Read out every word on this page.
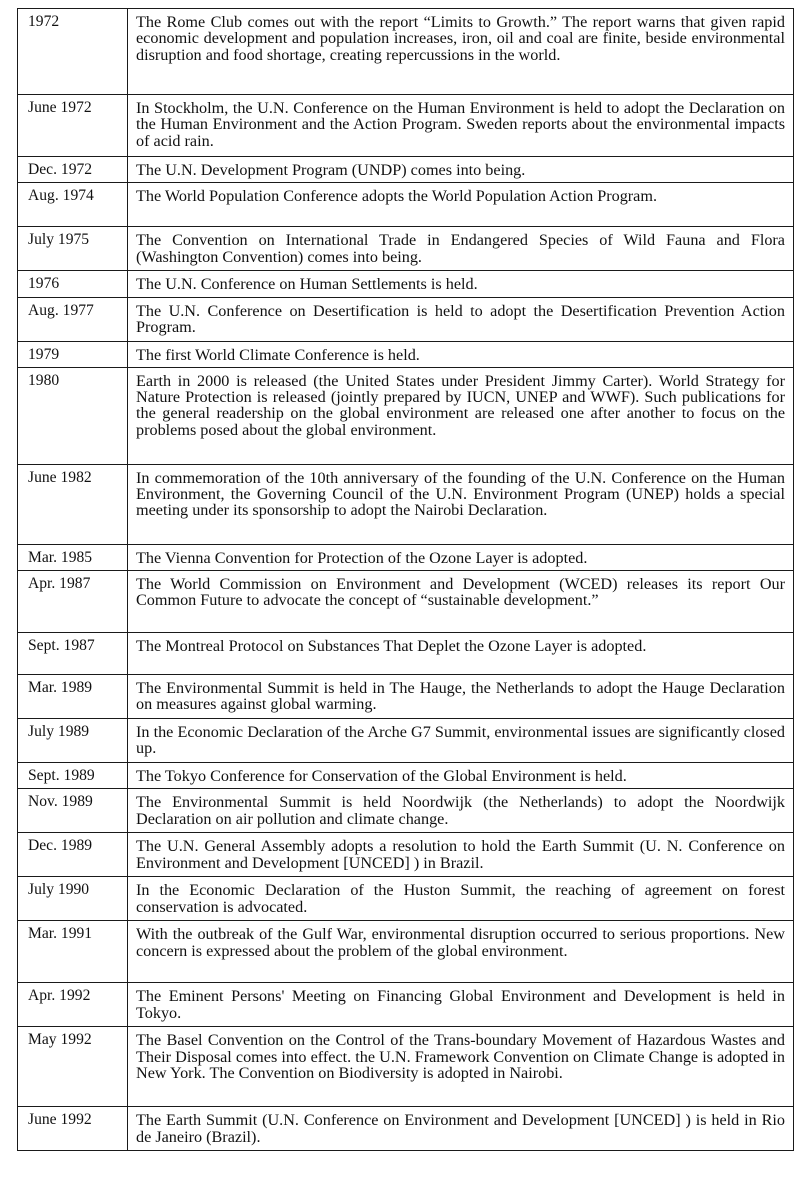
1972	The Rome Club comes out with the report “Limits to Growth.” The report warns that given rapid economic development and population increases, iron, oil and coal are finite, beside environmental disruption and food shortage, creating repercussions in the world.
June 1972	In Stockholm, the U.N. Conference on the Human Environment is held to adopt the Declaration on the Human Environment and the Action Program. Sweden reports about the environmental impacts of acid rain.
Dec. 1972	The U.N. Development Program (UNDP) comes into being.
Aug. 1974	The World Population Conference adopts the World Population Action Program.
July 1975	The Convention on International Trade in Endangered Species of Wild Fauna and Flora (Washington Convention) comes into being.
1976	The U.N. Conference on Human Settlements is held.
Aug. 1977	The U.N. Conference on Desertification is held to adopt the Desertification Prevention Action Program.
1979	The first World Climate Conference is held.
1980	Earth in 2000 is released (the United States under President Jimmy Carter). World Strategy for Nature Protection is released (jointly prepared by IUCN, UNEP and WWF). Such publications for the general readership on the global environment are released one after another to focus on the problems posed about the global environment.
June 1982	In commemoration of the 10th anniversary of the founding of the U.N. Conference on the Human Environment, the Governing Council of the U.N. Environment Program (UNEP) holds a special meeting under its sponsorship to adopt the Nairobi Declaration.
Mar. 1985	The Vienna Convention for Protection of the Ozone Layer is adopted.
Apr. 1987	The World Commission on Environment and Development (WCED) releases its report Our Common Future to advocate the concept of “sustainable development.”
Sept. 1987	The Montreal Protocol on Substances That Deplet the Ozone Layer is adopted.
Mar. 1989	The Environmental Summit is held in The Hauge, the Netherlands to adopt the Hauge Declaration on measures against global warming.
July 1989	In the Economic Declaration of the Arche G7 Summit, environmental issues are significantly closed up.
Sept. 1989	The Tokyo Conference for Conservation of the Global Environment is held.
Nov. 1989	The Environmental Summit is held Noordwijk (the Netherlands) to adopt the Noordwijk Declaration on air pollution and climate change.
Dec. 1989	The U.N. General Assembly adopts a resolution to hold the Earth Summit (U. N. Conference on Environment and Development [UNCED] ) in Brazil.
July 1990	In the Economic Declaration of the Huston Summit, the reaching of agreement on forest conservation is advocated.
Mar. 1991	With the outbreak of the Gulf War, environmental disruption occurred to serious proportions. New concern is expressed about the problem of the global environment.
Apr. 1992	The Eminent Persons' Meeting on Financing Global Environment and Development is held in Tokyo.
May 1992	The Basel Convention on the Control of the Trans-boundary Movement of Hazardous Wastes and Their Disposal comes into effect. the U.N. Framework Convention on Climate Change is adopted in New York. The Convention on Biodiversity is adopted in Nairobi.
June 1992	The Earth Summit (U.N. Conference on Environment and Development [UNCED] ) is held in Rio de Janeiro (Brazil).
